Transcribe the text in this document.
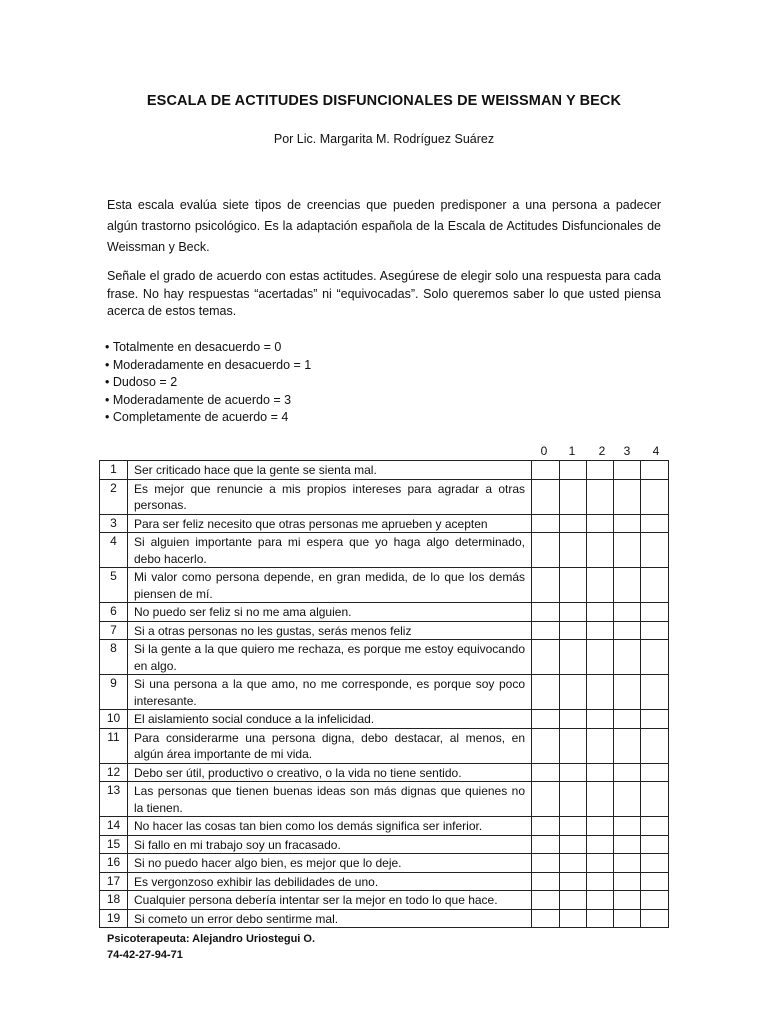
ESCALA DE ACTITUDES DISFUNCIONALES DE WEISSMAN Y BECK
Por Lic. Margarita M. Rodríguez Suárez
Esta escala evalúa siete tipos de creencias que pueden predisponer a una persona a padecer algún trastorno psicológico. Es la adaptación española de la Escala de Actitudes Disfuncionales de Weissman y Beck.
Señale el grado de acuerdo con estas actitudes. Asegúrese de elegir solo una respuesta para cada frase. No hay respuestas “acertadas” ni “equivocadas”. Solo queremos saber lo que usted piensa acerca de estos temas.
• Totalmente en desacuerdo = 0
• Moderadamente en desacuerdo = 1
• Dudoso = 2
• Moderadamente de acuerdo = 3
• Completamente de acuerdo = 4
0	1	2	3	4
1	Ser criticado hace que la gente se sienta mal.					
2	Es mejor que renuncie a mis propios intereses para agradar a otras personas.					
3	Para ser feliz necesito que otras personas me aprueben y acepten					
4	Si alguien importante para mi espera que yo haga algo determinado, debo hacerlo.					
5	Mi valor como persona depende, en gran medida, de lo que los demás piensen de mí.					
6	No puedo ser feliz si no me ama alguien.					
7	Si a otras personas no les gustas, serás menos feliz					
8	Si la gente a la que quiero me rechaza, es porque me estoy equivocando en algo.					
9	Si una persona a la que amo, no me corresponde, es porque soy poco interesante.					
10	El aislamiento social conduce a la infelicidad.					
11	Para considerarme una persona digna, debo destacar, al menos, en algún área importante de mi vida.					
12	Debo ser útil, productivo o creativo, o la vida no tiene sentido.					
13	Las personas que tienen buenas ideas son más dignas que quienes no la tienen.					
14	No hacer las cosas tan bien como los demás significa ser inferior.					
15	Si fallo en mi trabajo soy un fracasado.					
16	Si no puedo hacer algo bien, es mejor que lo deje.					
17	Es vergonzoso exhibir las debilidades de uno.					
18	Cualquier persona debería intentar ser la mejor en todo lo que hace.					
19	Si cometo un error debo sentirme mal.					
Psicoterapeuta: Alejandro Uriostegui O.
74-42-27-94-71
